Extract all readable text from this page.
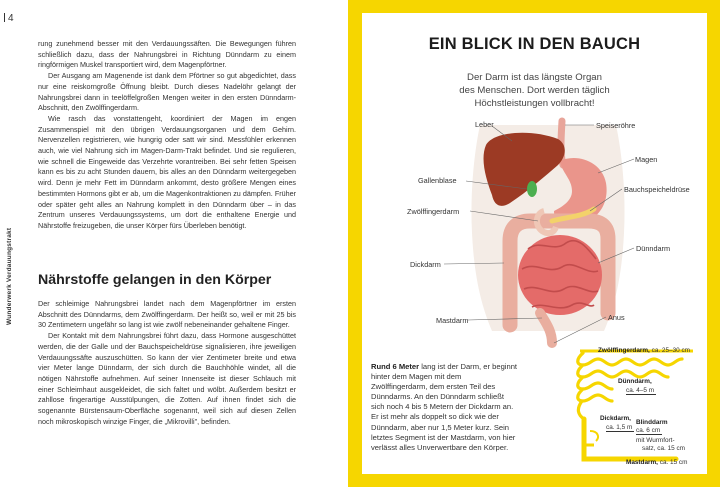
4
Wunderwerk Verdauungstrakt

rung zunehmend besser mit den Verdauungssäften. Die Bewegungen führen schließlich dazu, dass der Nahrungsbrei in Richtung Dünndarm zu einem ringförmigen Muskel transportiert wird, dem Magenpförtner.

Der Ausgang am Magenende ist dank dem Pförtner so gut abgedichtet, dass nur eine reiskorngroße Öffnung bleibt. Durch dieses Nadelöhr gelangt der Nahrungsbrei dann in teelöffelgroßen Mengen weiter in den ersten Dünndarm-Abschnitt, den Zwölffingerdarm.

Wie rasch das vonstattengeht, koordiniert der Magen im engen Zusammenspiel mit den übrigen Verdauungsorganen und dem Gehirn. Nervenzellen registrieren, wie hungrig oder satt wir sind. Messfühler erkennen auch, wie viel Nahrung sich im Magen-Darm-Trakt befindet. Und sie regulieren, wie schnell die Eingeweide das Verzehrte vorantreiben. Bei sehr fetten Speisen kann es bis zu acht Stunden dauern, bis alles an den Dünndarm weitergegeben wird. Denn je mehr Fett im Dünndarm ankommt, desto größere Mengen eines bestimmten Hormons gibt er ab, um die Magenkontraktionen zu dämpfen. Früher oder später geht alles an Nahrung komplett in den Dünndarm über – in das Zentrum unseres Verdauungssystems, um dort die enthaltene Energie und Nährstoffe freizugeben, die unser Körper fürs Überleben benötigt.

Nährstoffe gelangen in den Körper

Der schleimige Nahrungsbrei landet nach dem Magenpförtner im ersten Abschnitt des Dünndarms, dem Zwölffingerdarm. Der heißt so, weil er mit 25 bis 30 Zentimetern ungefähr so lang ist wie zwölf nebeneinander gehaltene Finger.

Der Kontakt mit dem Nahrungsbrei führt dazu, dass Hormone ausgeschüttet werden, die der Galle und der Bauchspeicheldrüse signalisieren, ihre jeweiligen Verdauungssäfte auszuschütten. So kann der vier Zentimeter breite und etwa vier Meter lange Dünndarm, der sich durch die Bauchhöhle windet, all die nötigen Nährstoffe aufnehmen. Auf seiner Innenseite ist dieser Schlauch mit einer Schleimhaut ausgekleidet, die sich faltet und wölbt. Außerdem besitzt er zahllose fingerartige Ausstülpungen, die Zotten. Auf ihnen findet sich die sogenannte Bürstensaum-Oberfläche sogenannt, weil sich auf diesen Zellen noch mikroskopisch winzige Finger, die „Mikrovilli", befinden.

EIN BLICK IN DEN BAUCH
Der Darm ist das längste Organ
des Menschen. Dort werden täglich
Höchstleistungen vollbracht!
Leber	Speiseröhre
Gallenblase
Magen
Bauchspeicheldrüse
Zwölffingerdarm
Dünndarm
Dickdarm
Anus
Mastdarm
Rund 6 Meter lang ist der Darm, er beginnt hinter dem Magen mit dem Zwölffingerdarm, dem ersten Teil des Dünndarms. An den Dünndarm schließt sich noch 4 bis 5 Metern der Dickdarm an. Er ist mehr als doppelt so dick wie der Dünndarm, aber nur 1,5 Meter kurz. Sein letztes Segment ist der Mastdarm, von hier verlässt alles Unverwertbare den Körper.
Zwölffingerdarm, ca. 25–30 cm
Dünndarm,
ca. 4–5 m
Dickdarm,
ca. 1,5 m
Blinddarm
ca. 6 cm
mit Wurmfort-
satz, ca. 15 cm
Mastdarm, ca. 15 cm
